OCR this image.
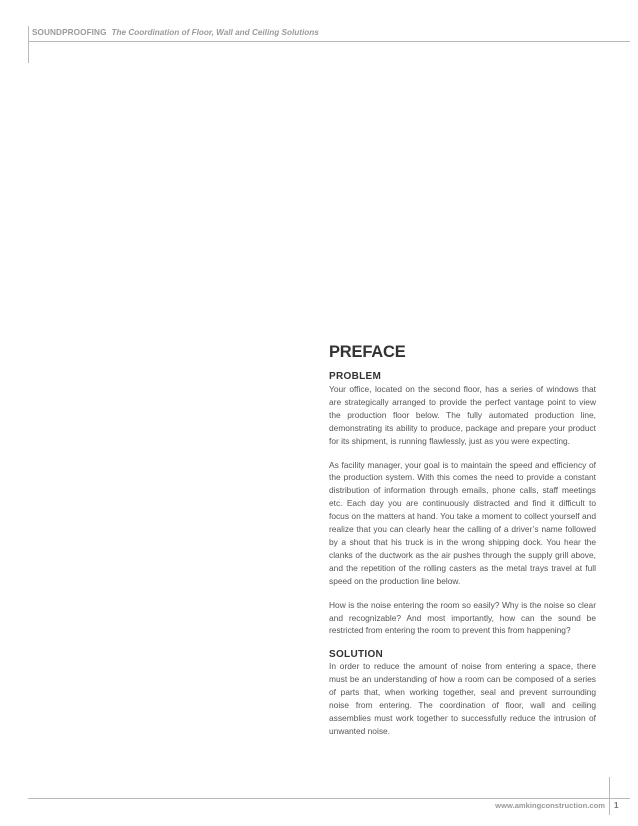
SOUNDPROOFING The Coordination of Floor, Wall and Ceiling Solutions
PREFACE
PROBLEM

Your office, located on the second floor, has a series of windows that are strategically arranged to provide the perfect vantage point to view the production floor below. The fully automated production line, demonstrating its ability to produce, package and prepare your product for its shipment, is running flawlessly, just as you were expecting.

As facility manager, your goal is to maintain the speed and efficiency of the production system. With this comes the need to provide a constant distribution of information through emails, phone calls, staff meetings etc. Each day you are continuously distracted and find it difficult to focus on the matters at hand. You take a moment to collect yourself and realize that you can clearly hear the calling of a driver’s name followed by a shout that his truck is in the wrong shipping dock. You hear the clanks of the ductwork as the air pushes through the supply grill above, and the repetition of the rolling casters as the metal trays travel at full speed on the production line below.

How is the noise entering the room so easily? Why is the noise so clear and recognizable? And most importantly, how can the sound be restricted from entering the room to prevent this from happening?

SOLUTION

In order to reduce the amount of noise from entering a space, there must be an understanding of how a room can be composed of a series of parts that, when working together, seal and prevent surrounding noise from entering. The coordination of floor, wall and ceiling assemblies must work together to successfully reduce the intrusion of unwanted noise.

www.amkingconstruction.com 1
